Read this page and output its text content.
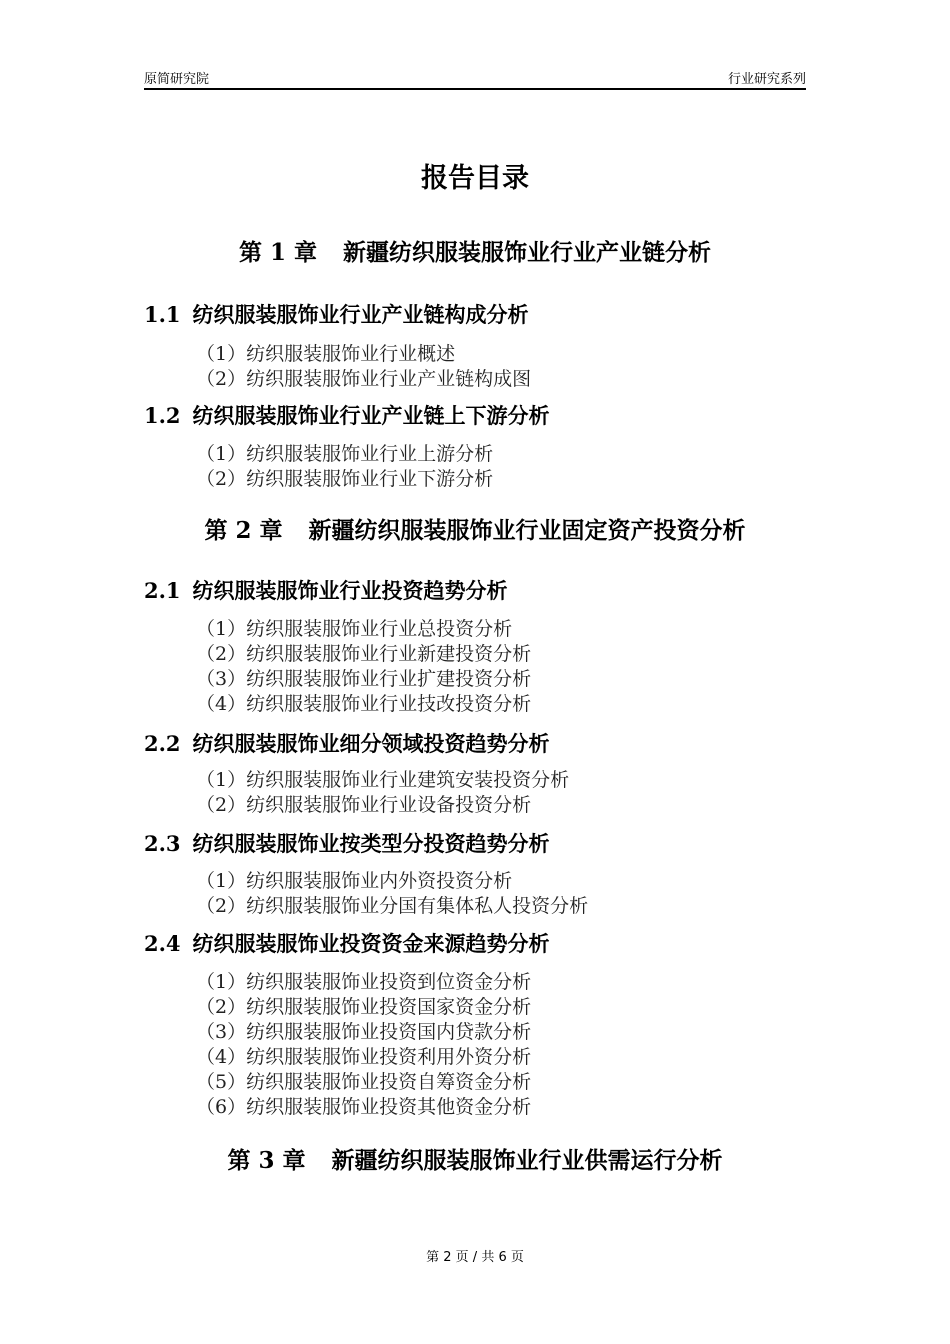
原简研究院	行业研究系列
报告目录
第 1 章 新疆纺织服装服饰业行业产业链分析
1.1 纺织服装服饰业行业产业链构成分析
（1）纺织服装服饰业行业概述
（2）纺织服装服饰业行业产业链构成图
1.2 纺织服装服饰业行业产业链上下游分析
（1）纺织服装服饰业行业上游分析
（2）纺织服装服饰业行业下游分析
第 2 章 新疆纺织服装服饰业行业固定资产投资分析
2.1 纺织服装服饰业行业投资趋势分析
（1）纺织服装服饰业行业总投资分析
（2）纺织服装服饰业行业新建投资分析
（3）纺织服装服饰业行业扩建投资分析
（4）纺织服装服饰业行业技改投资分析
2.2 纺织服装服饰业细分领域投资趋势分析
（1）纺织服装服饰业行业建筑安装投资分析
（2）纺织服装服饰业行业设备投资分析
2.3 纺织服装服饰业按类型分投资趋势分析
（1）纺织服装服饰业内外资投资分析
（2）纺织服装服饰业分国有集体私人投资分析
2.4 纺织服装服饰业投资资金来源趋势分析
（1）纺织服装服饰业投资到位资金分析
（2）纺织服装服饰业投资国家资金分析
（3）纺织服装服饰业投资国内贷款分析
（4）纺织服装服饰业投资利用外资分析
（5）纺织服装服饰业投资自筹资金分析
（6）纺织服装服饰业投资其他资金分析
第 3 章 新疆纺织服装服饰业行业供需运行分析
第 2 页 / 共 6 页
